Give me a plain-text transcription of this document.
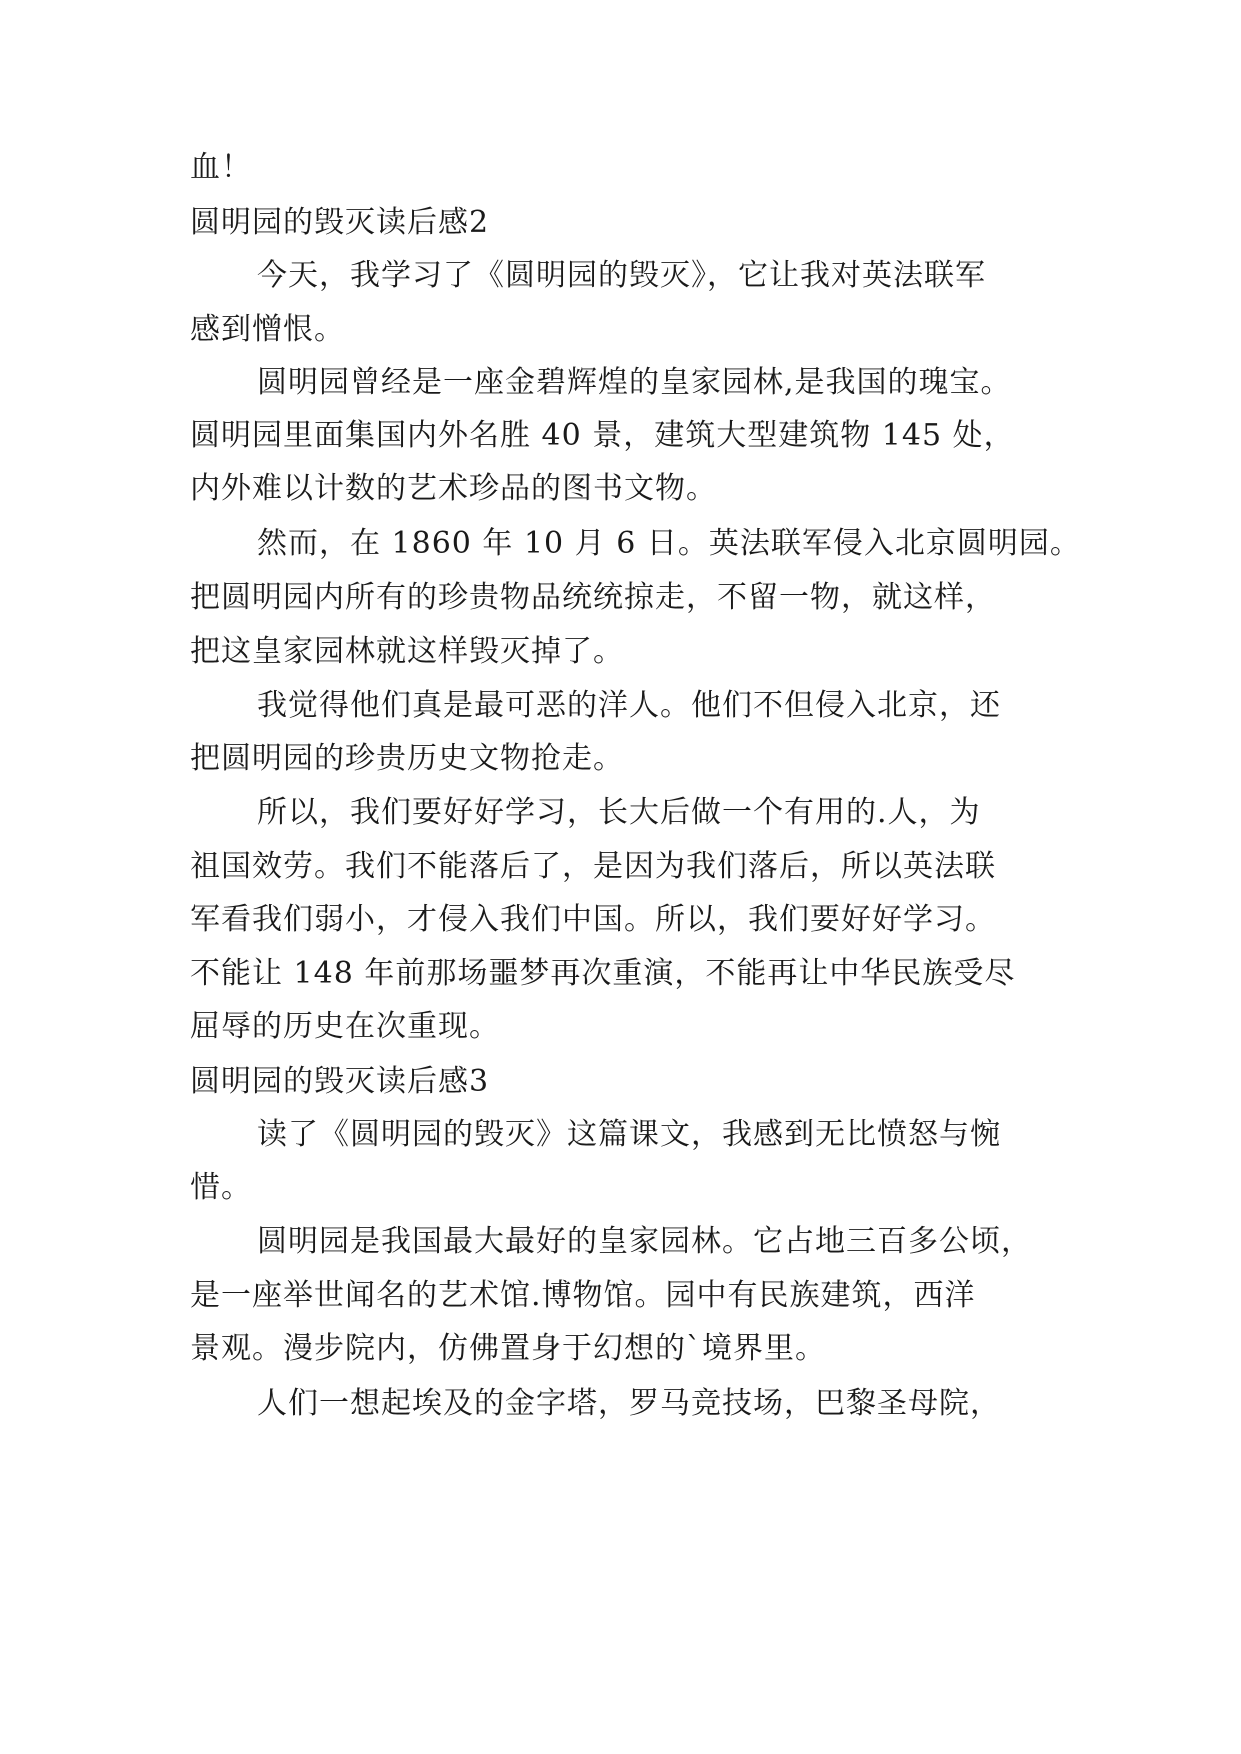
血！

圆明园的毁灭读后感2

今天，我学习了《圆明园的毁灭》，它让我对英法联军

感到憎恨。

圆明园曾经是一座金碧辉煌的皇家园林,是我国的瑰宝。

圆明园里面集国内外名胜 40 景，建筑大型建筑物 145 处，

内外难以计数的艺术珍品的图书文物。

然而，在 1860 年 10 月 6 日。英法联军侵入北京圆明园。

把圆明园内所有的珍贵物品统统掠走，不留一物，就这样，

把这皇家园林就这样毁灭掉了。

我觉得他们真是最可恶的洋人。他们不但侵入北京，还

把圆明园的珍贵历史文物抢走。

所以，我们要好好学习，长大后做一个有用的.人，为

祖国效劳。我们不能落后了，是因为我们落后，所以英法联

军看我们弱小，才侵入我们中国。所以，我们要好好学习。

不能让 148 年前那场噩梦再次重演，不能再让中华民族受尽

屈辱的历史在次重现。

圆明园的毁灭读后感3

读了《圆明园的毁灭》这篇课文，我感到无比愤怒与惋

惜。

圆明园是我国最大最好的皇家园林。它占地三百多公顷，

是一座举世闻名的艺术馆.博物馆。园中有民族建筑，西洋

景观。漫步院内，仿佛置身于幻想的`境界里。

人们一想起埃及的金字塔，罗马竞技场，巴黎圣母院，
